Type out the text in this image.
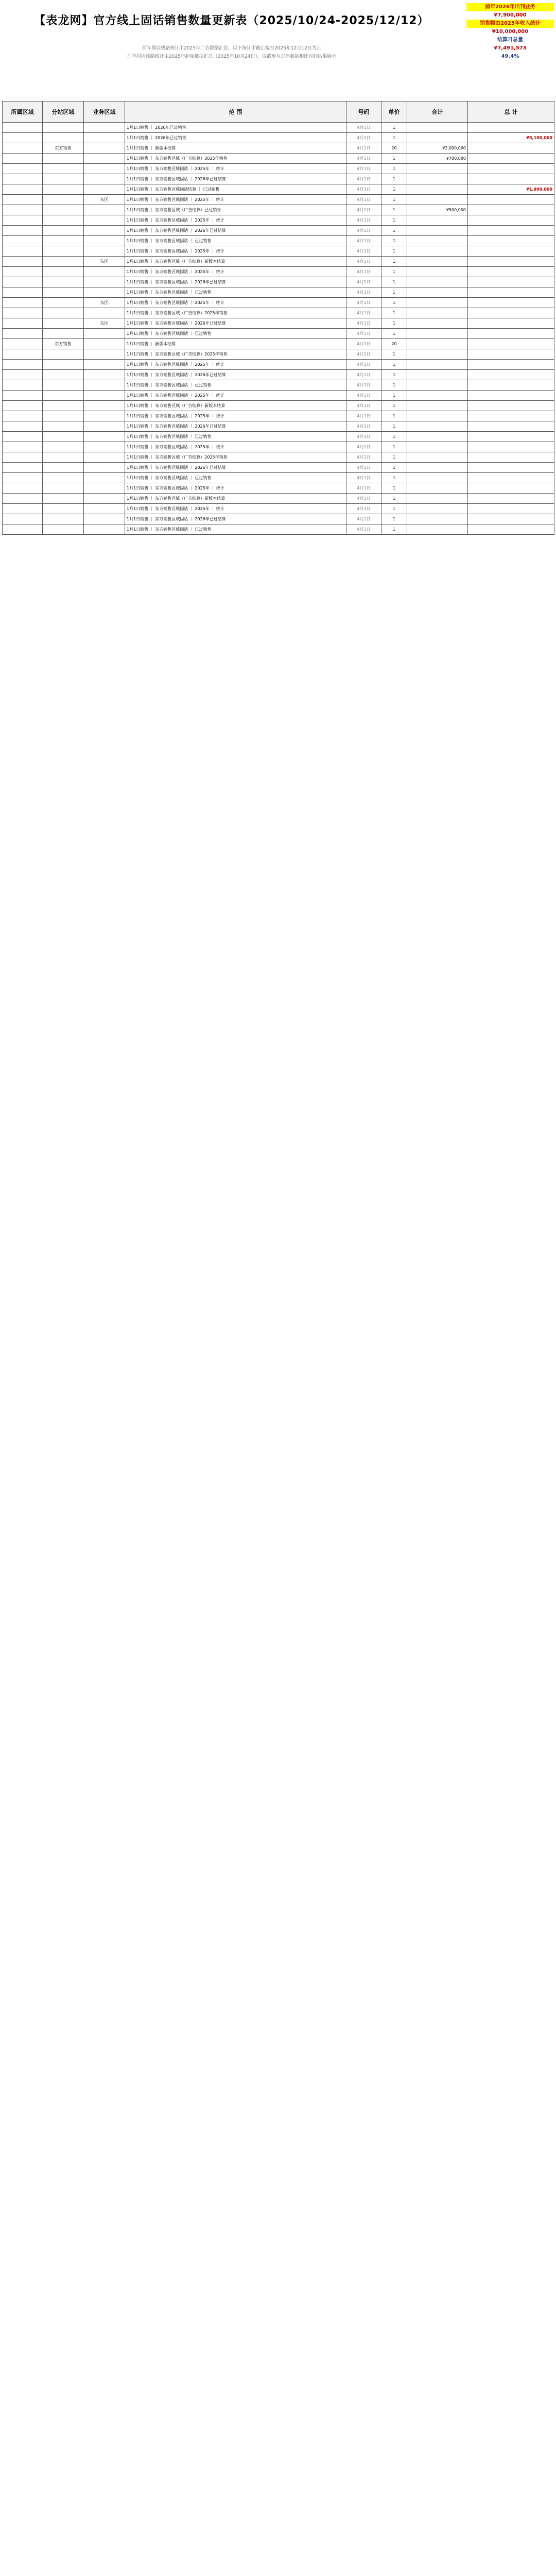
【表龙网】官方线上固话销售数量更新表（2025/10/24-2025/12/12）
前年2026年出刊业务
¥7,900,000
销售额由2025年收入统计
¥10,000,000
结算日总量
¥7,491,573
49.4%
前年固话线路统计由2025年广告数据汇总，以下统计中截止截至2025年12月12日为止
前年固话线路统计由2025年起始数据汇总（2025年10月24日），以截至与总体数据相比对的结果展示
所属区域	分站区域	业务区域	范 围	号码	单价	合计	总 计
			1月1日销售 ｜ 2026年已过销售	4月1日	1		
			1月1日销售 ｜ 2026年已过销售	4月1日	1		¥8,100,000
	东方销售		1月1日销售 ｜ 新版本结算	4月1日	20	¥2,000,000	
			1月1日销售 ｜ 东方销售区域（广告结算）2025年销售	4月1日	1	¥700,000	
			1月1日销售 ｜ 东方销售区域固话 ｜ 2025年 ｜ 统计	4月1日	1		
			1月1日销售 ｜ 东方销售区域固话 ｜ 2026年已过结算	4月1日	1		
			1月1日销售 ｜ 东方销售区域固话结算 ｜ 已过销售	4月1日	1		¥1,900,000
		东区	1月1日销售 ｜ 东方销售区域固话 ｜ 2025年 ｜ 统计	4月1日	1		
			1月1日销售 ｜ 东方销售区域（广告结算）已过销售	4月1日	1	¥500,000	
			1月1日销售 ｜ 东方销售区域固话 ｜ 2025年 ｜ 统计	4月1日	1		
			1月1日销售 ｜ 东方销售区域固话 ｜ 2026年已过结算	4月1日	1		
			1月1日销售 ｜ 东方销售区域固话 ｜ 已过销售	4月1日	1		
			1月1日销售 ｜ 东方销售区域固话 ｜ 2025年 ｜ 统计	4月1日	1		
		东区	1月1日销售 ｜ 东方销售区域（广告结算）新版本结算	4月1日	1		
			1月1日销售 ｜ 东方销售区域固话 ｜ 2025年 ｜ 统计	4月1日	1		
			1月1日销售 ｜ 东方销售区域固话 ｜ 2026年已过结算	4月1日	1		
			1月1日销售 ｜ 东方销售区域固话 ｜ 已过销售	4月1日	1		
		东区	1月1日销售 ｜ 东方销售区域固话 ｜ 2025年 ｜ 统计	4月1日	1		
			1月1日销售 ｜ 东方销售区域（广告结算）2025年销售	4月1日	1		
		东区	1月1日销售 ｜ 东方销售区域固话 ｜ 2026年已过结算	4月1日	1		
			1月1日销售 ｜ 东方销售区域固话 ｜ 已过销售	4月1日	1		
	东方销售		1月1日销售 ｜ 新版本结算	4月1日	20		
			1月1日销售 ｜ 东方销售区域（广告结算）2025年销售	4月1日	1		
			1月1日销售 ｜ 东方销售区域固话 ｜ 2025年 ｜ 统计	4月1日	1		
			1月1日销售 ｜ 东方销售区域固话 ｜ 2026年已过结算	4月1日	1		
			1月1日销售 ｜ 东方销售区域固话 ｜ 已过销售	4月1日	1		
			1月1日销售 ｜ 东方销售区域固话 ｜ 2025年 ｜ 统计	4月1日	1		
			1月1日销售 ｜ 东方销售区域（广告结算）新版本结算	4月1日	1		
			1月1日销售 ｜ 东方销售区域固话 ｜ 2025年 ｜ 统计	4月1日	1		
			1月1日销售 ｜ 东方销售区域固话 ｜ 2026年已过结算	4月1日	1		
			1月1日销售 ｜ 东方销售区域固话 ｜ 已过销售	4月1日	1		
			1月1日销售 ｜ 东方销售区域固话 ｜ 2025年 ｜ 统计	4月1日	1		
			1月1日销售 ｜ 东方销售区域（广告结算）2025年销售	4月1日	1		
			1月1日销售 ｜ 东方销售区域固话 ｜ 2026年已过结算	4月1日	1		
			1月1日销售 ｜ 东方销售区域固话 ｜ 已过销售	4月1日	1		
			1月1日销售 ｜ 东方销售区域固话 ｜ 2025年 ｜ 统计	4月1日	1		
			1月1日销售 ｜ 东方销售区域（广告结算）新版本结算	4月1日	1		
			1月1日销售 ｜ 东方销售区域固话 ｜ 2025年 ｜ 统计	4月1日	1		
			1月1日销售 ｜ 东方销售区域固话 ｜ 2026年已过结算	4月1日	1		
			1月1日销售 ｜ 东方销售区域固话 ｜ 已过销售	4月1日	1		
